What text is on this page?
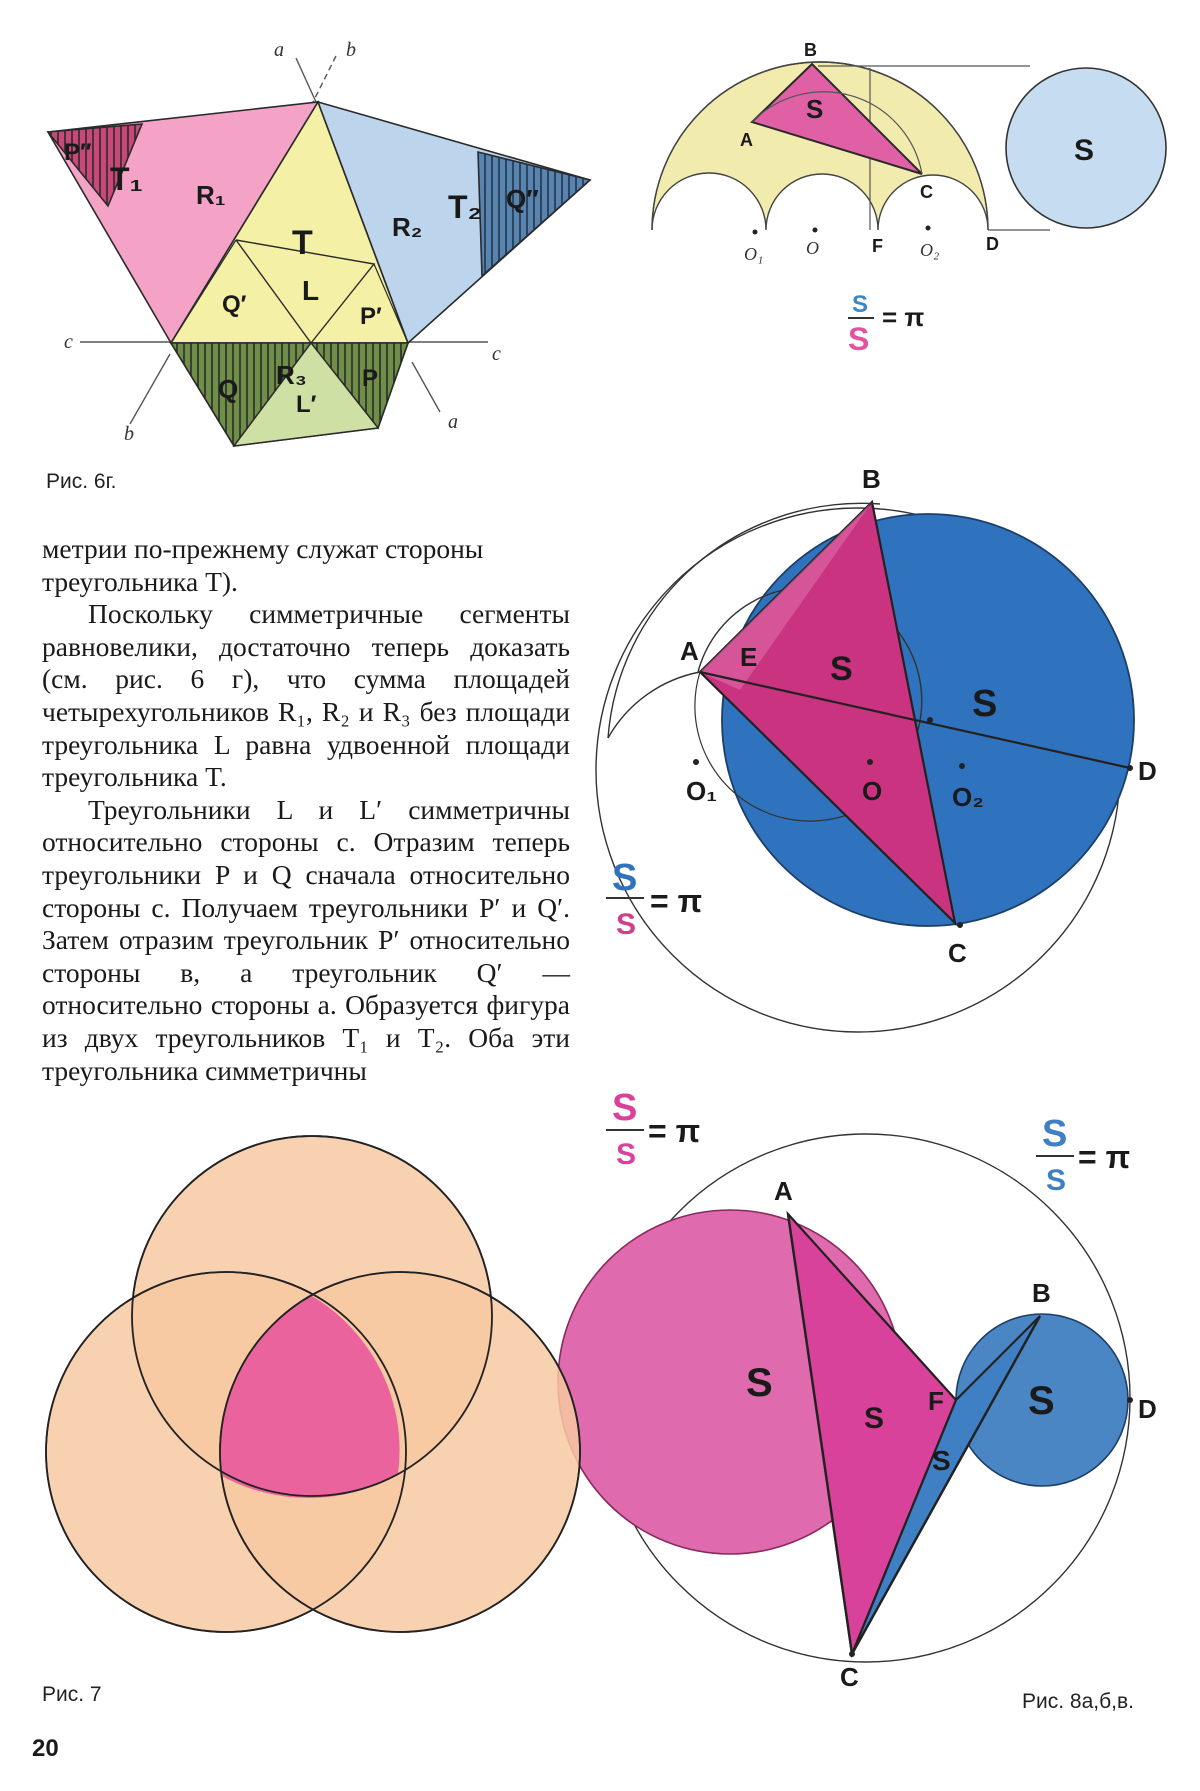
a	b
c
c
b
a
P″
T₁ R₁
T	R₂
T₂ Q″
Q′ L
P′
Q R₃
L′
P
B
A
C
D
F
O
O₁	O₂
S
S
S
S
= π
B
A E
C
D
O
O₁	O₂
S
S
S
S
= π
A
B
F	D
C
S
S	S
S
S
S
= π	S
S
= π
Рис. 6г.

метрии по-прежнему служат стороны

треугольника T).

Поскольку симметричные сегменты равновелики, достаточно теперь доказать (см. рис. 6 г), что сумма площадей четырехугольников R₁, R₂ и R₃ без площади треугольника L равна удвоенной площади треугольника T.

Треугольники L и L′ симметричны относительно стороны c. Отразим теперь треугольники P и Q сначала относительно стороны c. Получаем треугольники P′ и Q′. Затем отразим треугольник P′ относительно стороны в, а треугольник Q′ — относительно стороны a. Образуется фигура из двух треугольников T₁ и T₂. Оба эти треугольника симметричны

Рис. 7	Рис. 8а,б,в.
20
